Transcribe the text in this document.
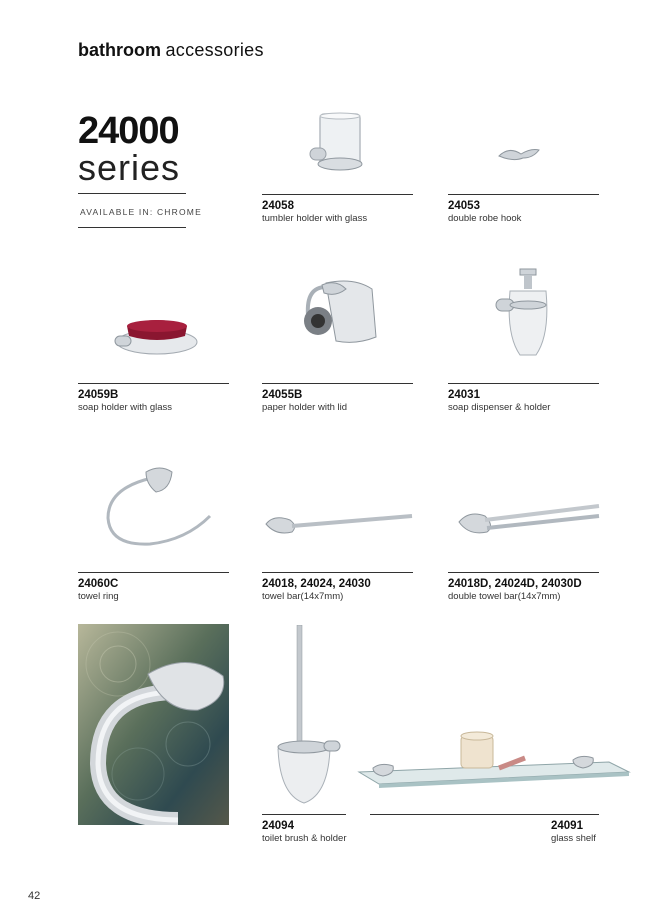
bathroom accessories
24000
series
AVAILABLE IN: CHROME	24058
tumbler holder with glass
24053
double robe hook
24059B
soap holder with glass
24055B
paper holder with lid
24031
soap dispenser & holder
24060C
towel ring
24018, 24024, 24030
towel bar(14x7mm)
24018D, 24024D, 24030D
double towel bar(14x7mm)
24094
toilet brush & holder
24091
glass shelf
42
